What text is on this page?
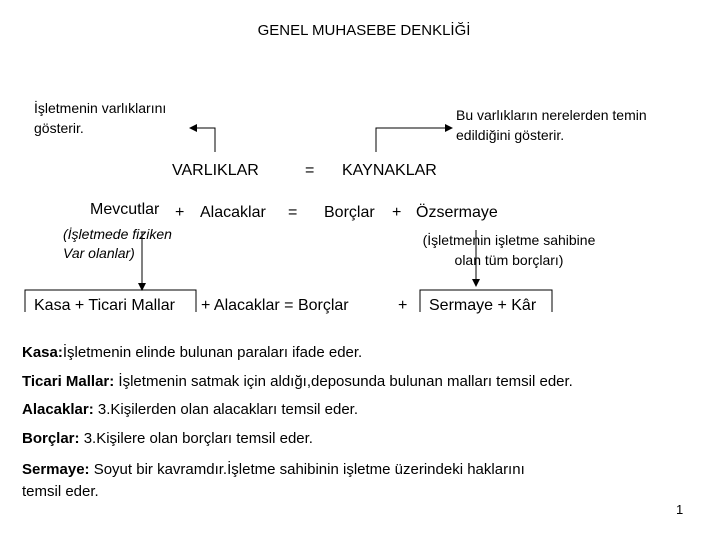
GENEL MUHASEBE DENKLİĞİ
İşletmenin varlıklarını
gösterir.
Bu varlıkların nerelerden temin
edildiğini gösterir.
VARLIKLAR	= KAYNAKLAR
Mevcutlar + Alacaklar = Borçlar + Özsermaye
(İşletmede fiziken
Var olanlar)
(İşletmenin işletme sahibine
olan tüm borçları)
Kasa + Ticari Mallar + Alacaklar = Borçlar	+ Sermaye + Kâr
Kasa:İşletmenin elinde bulunan paraları ifade eder.
Ticari Mallar: İşletmenin satmak için aldığı,deposunda bulunan malları temsil eder.
Alacaklar: 3.Kişilerden olan alacakları temsil eder.
Borçlar: 3.Kişilere olan borçları temsil eder.
Sermaye: Soyut bir kavramdır.İşletme sahibinin işletme üzerindeki haklarını
temsil eder.
1
